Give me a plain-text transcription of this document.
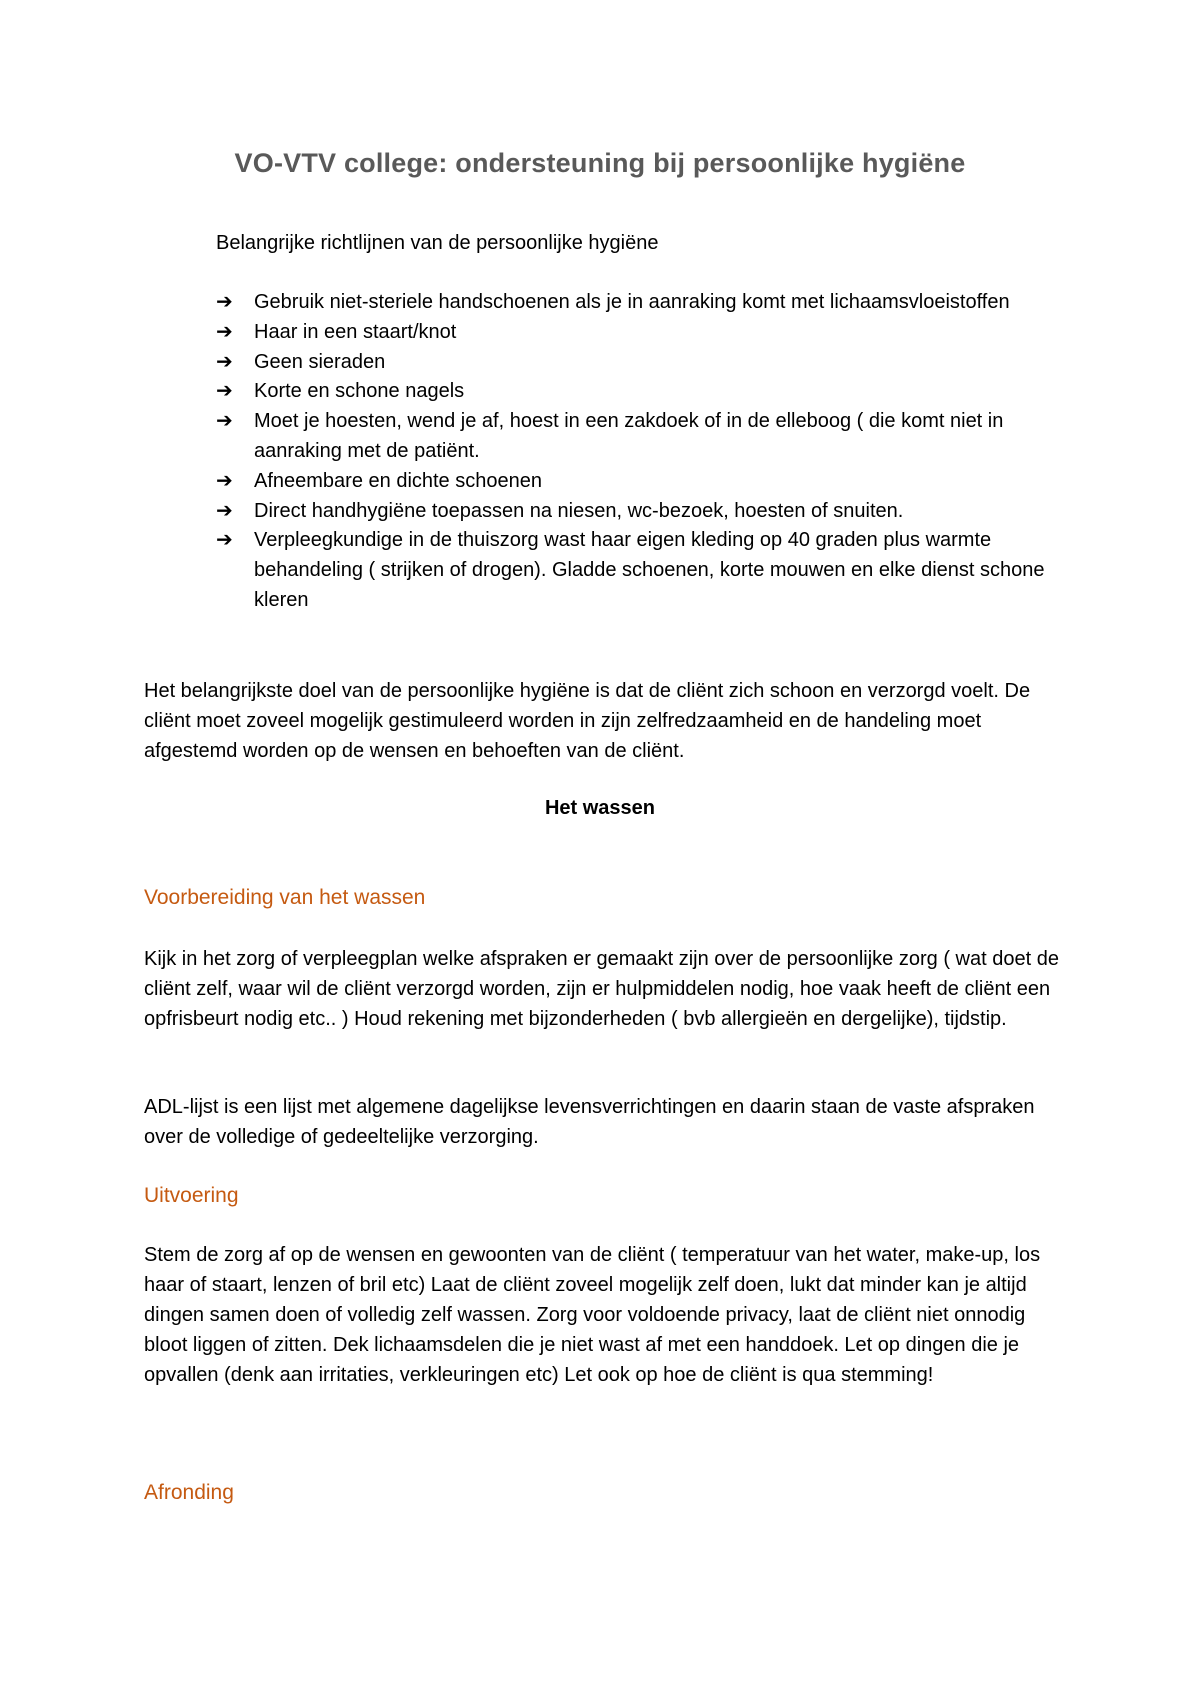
VO-VTV college: ondersteuning bij persoonlijke hygiëne
Belangrijke richtlijnen van de persoonlijke hygiëne
➔ Gebruik niet-steriele handschoenen als je in aanraking komt met lichaamsvloeistoffen
➔ Haar in een staart/knot
➔ Geen sieraden
➔ Korte en schone nagels
➔ Moet je hoesten, wend je af, hoest in een zakdoek of in de elleboog ( die komt niet in aanraking met de patiënt.
➔ Afneembare en dichte schoenen
➔ Direct handhygiëne toepassen na niesen, wc-bezoek, hoesten of snuiten.
➔ Verpleegkundige in de thuiszorg wast haar eigen kleding op 40 graden plus warmte behandeling ( strijken of drogen). Gladde schoenen, korte mouwen en elke dienst schone kleren

Het belangrijkste doel van de persoonlijke hygiëne is dat de cliënt zich schoon en verzorgd voelt. De cliënt moet zoveel mogelijk gestimuleerd worden in zijn zelfredzaamheid en de handeling moet afgestemd worden op de wensen en behoeften van de cliënt.

Het wassen
Voorbereiding van het wassen

Kijk in het zorg of verpleegplan welke afspraken er gemaakt zijn over de persoonlijke zorg ( wat doet de cliënt zelf, waar wil de cliënt verzorgd worden, zijn er hulpmiddelen nodig, hoe vaak heeft de cliënt een opfrisbeurt nodig etc.. ) Houd rekening met bijzonderheden ( bvb allergieën en dergelijke), tijdstip.

ADL-lijst is een lijst met algemene dagelijkse levensverrichtingen en daarin staan de vaste afspraken over de volledige of gedeeltelijke verzorging.

Uitvoering

Stem de zorg af op de wensen en gewoonten van de cliënt ( temperatuur van het water, make-up, los haar of staart, lenzen of bril etc) Laat de cliënt zoveel mogelijk zelf doen, lukt dat minder kan je altijd dingen samen doen of volledig zelf wassen. Zorg voor voldoende privacy, laat de cliënt niet onnodig bloot liggen of zitten. Dek lichaamsdelen die je niet wast af met een handdoek. Let op dingen die je opvallen (denk aan irritaties, verkleuringen etc) Let ook op hoe de cliënt is qua stemming!

Afronding
